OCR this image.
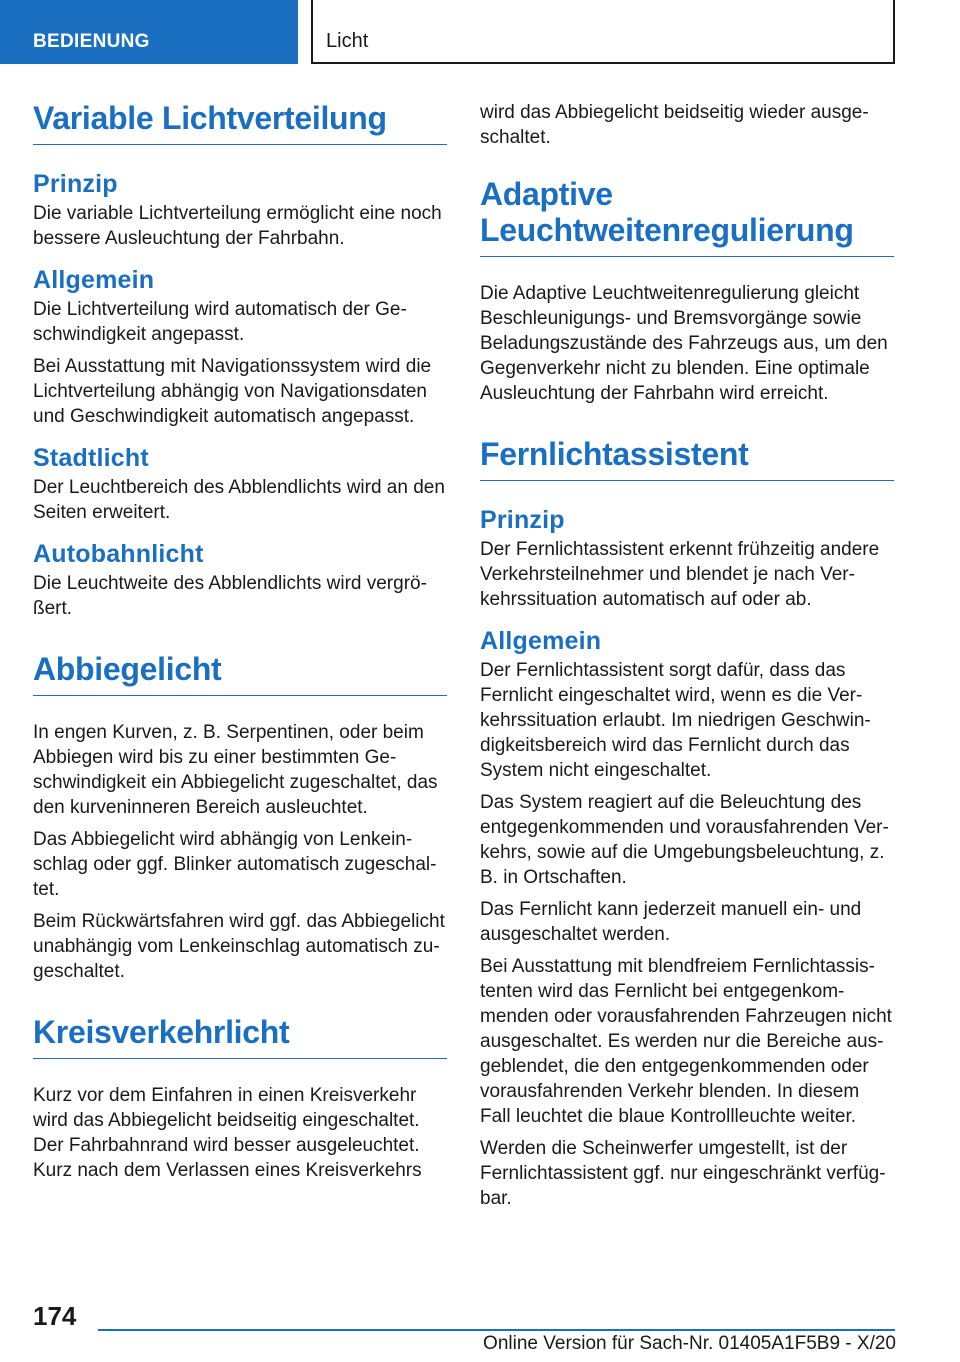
BEDIENUNG	Licht
Variable Lichtverteilung
Prinzip

Die variable Lichtverteilung ermöglicht eine noch bessere Ausleuchtung der Fahrbahn.

Allgemein

Die Lichtverteilung wird automatisch der Geschwindigkeit angepasst.

Bei Ausstattung mit Navigationssystem wird die Lichtverteilung abhängig von Navigationsdaten und Geschwindigkeit automatisch angepasst.

Stadtlicht

Der Leuchtbereich des Abblendlichts wird an den Seiten erweitert.

Autobahnlicht

Die Leuchtweite des Abblendlichts wird vergrößert.

Abbiegelicht

In engen Kurven, z. B. Serpentinen, oder beim Abbiegen wird bis zu einer bestimmten Geschwindigkeit ein Abbiegelicht zugeschaltet, das den kurveninneren Bereich ausleuchtet.

Das Abbiegelicht wird abhängig von Lenkeinschlag oder ggf. Blinker automatisch zugeschaltet.

Beim Rückwärtsfahren wird ggf. das Abbiegelicht unabhängig vom Lenkeinschlag automatisch zugeschaltet.

Kreisverkehrlicht

Kurz vor dem Einfahren in einen Kreisverkehr wird das Abbiegelicht beidseitig eingeschaltet. Der Fahrbahnrand wird besser ausgeleuchtet. Kurz nach dem Verlassen eines Kreisverkehrs

wird das Abbiegelicht beidseitig wieder ausgeschaltet.

Adaptive
Leuchtweitenregulierung

Die Adaptive Leuchtweitenregulierung gleicht Beschleunigungs- und Bremsvorgänge sowie Beladungszustände des Fahrzeugs aus, um den Gegenverkehr nicht zu blenden. Eine optimale Ausleuchtung der Fahrbahn wird erreicht.

Fernlichtassistent
Prinzip

Der Fernlichtassistent erkennt frühzeitig andere Verkehrsteilnehmer und blendet je nach Verkehrssituation automatisch auf oder ab.

Allgemein

Der Fernlichtassistent sorgt dafür, dass das Fernlicht eingeschaltet wird, wenn es die Verkehrssituation erlaubt. Im niedrigen Geschwindigkeitsbereich wird das Fernlicht durch das System nicht eingeschaltet.

Das System reagiert auf die Beleuchtung des entgegenkommenden und vorausfahrenden Verkehrs, sowie auf die Umgebungsbeleuchtung, z. B. in Ortschaften.

Das Fernlicht kann jederzeit manuell ein- und ausgeschaltet werden.

Bei Ausstattung mit blendfreiem Fernlichtassistenten wird das Fernlicht bei entgegenkommenden oder vorausfahrenden Fahrzeugen nicht ausgeschaltet. Es werden nur die Bereiche ausgeblendet, die den entgegenkommenden oder vorausfahrenden Verkehr blenden. In diesem Fall leuchtet die blaue Kontrollleuchte weiter.

Werden die Scheinwerfer umgestellt, ist der Fernlichtassistent ggf. nur eingeschränkt verfügbar.

174
Online Version für Sach-Nr. 01405A1F5B9 - X/20
